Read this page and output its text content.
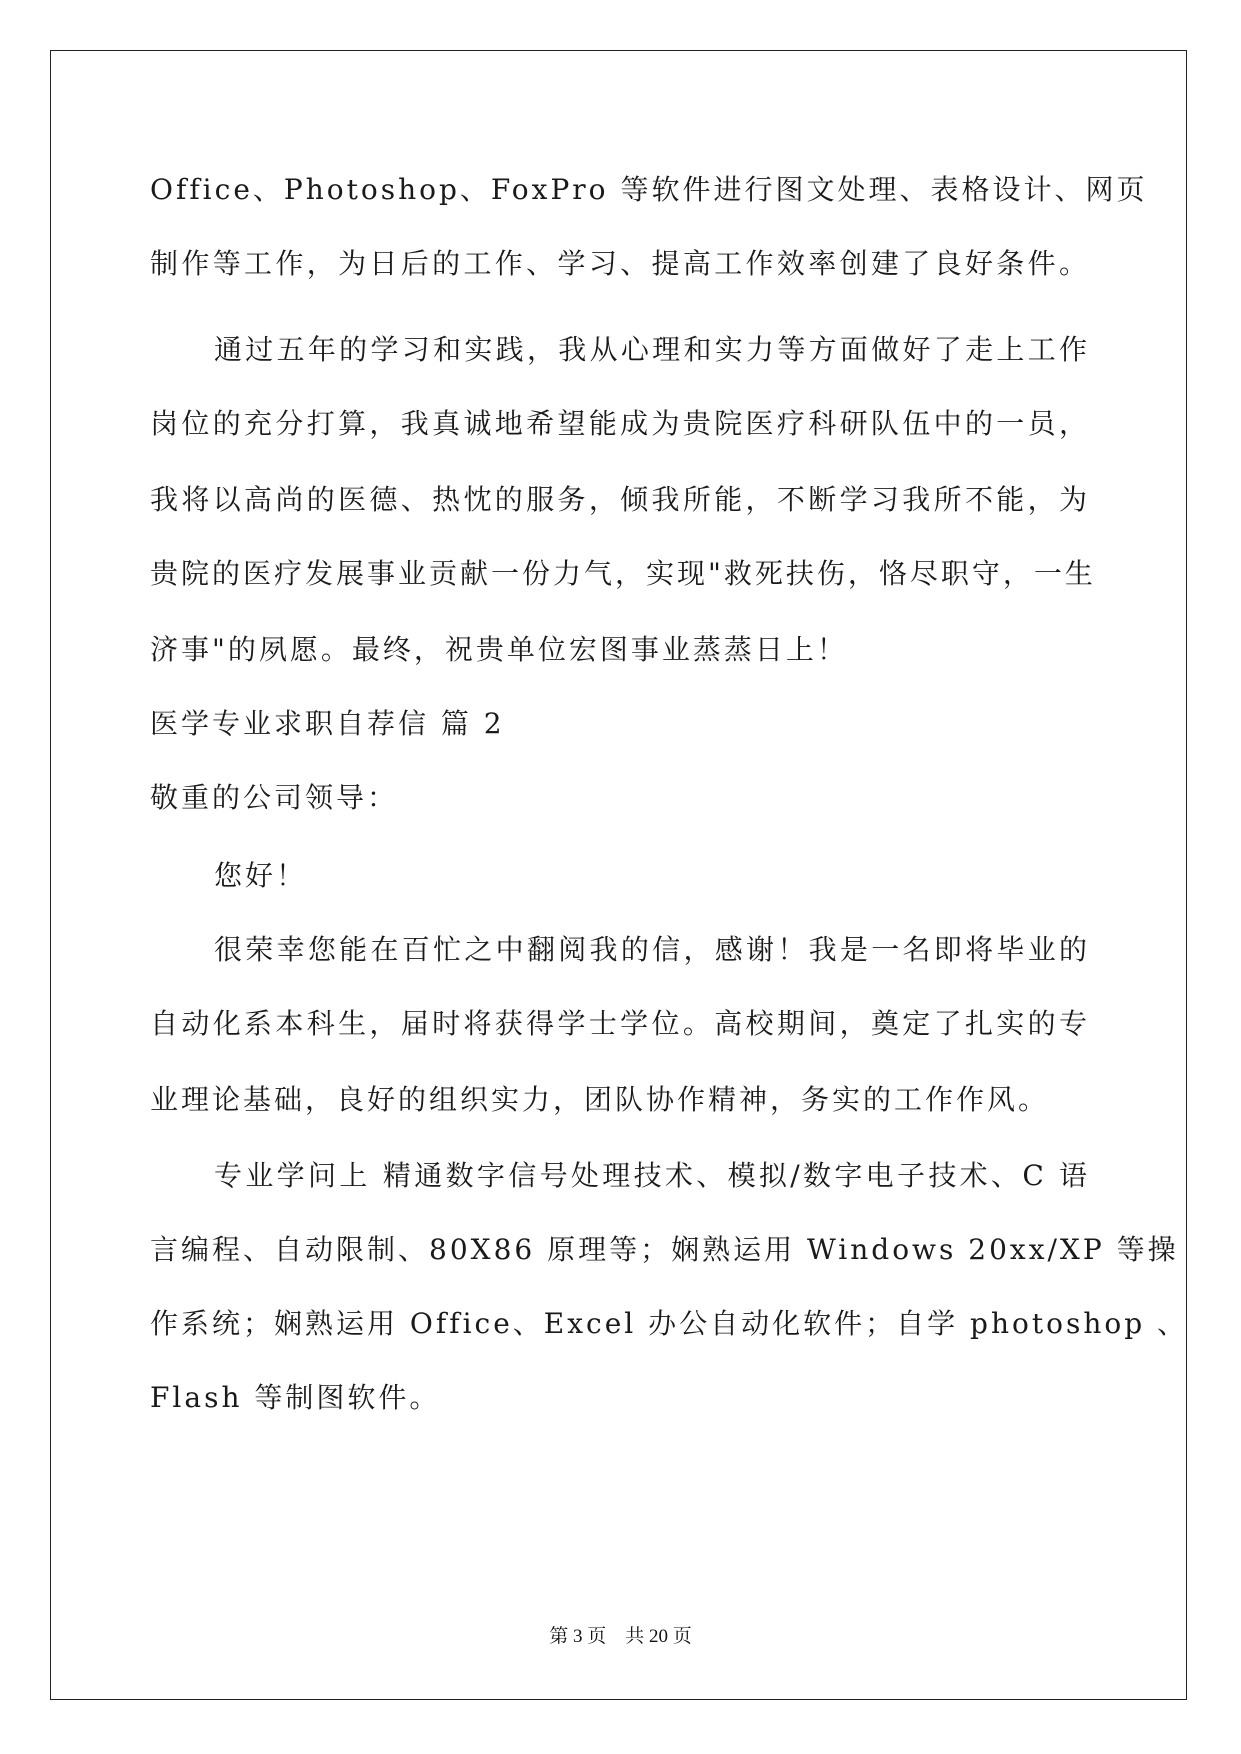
Office、Photoshop、FoxPro 等软件进行图文处理、表格设计、网页
制作等工作，为日后的工作、学习、提高工作效率创建了良好条件。
通过五年的学习和实践，我从心理和实力等方面做好了走上工作
岗位的充分打算，我真诚地希望能成为贵院医疗科研队伍中的一员，
我将以高尚的医德、热忱的服务，倾我所能，不断学习我所不能，为
贵院的医疗发展事业贡献一份力气，实现"救死扶伤，恪尽职守，一生
济事"的夙愿。最终，祝贵单位宏图事业蒸蒸日上！
医学专业求职自荐信 篇 2
敬重的公司领导：
您好！
很荣幸您能在百忙之中翻阅我的信，感谢！我是一名即将毕业的
自动化系本科生，届时将获得学士学位。高校期间，奠定了扎实的专
业理论基础，良好的组织实力，团队协作精神，务实的工作作风。
专业学问上 精通数字信号处理技术、模拟/数字电子技术、C 语
言编程、自动限制、80X86 原理等；娴熟运用 Windows 20xx/XP 等操
作系统；娴熟运用 Office、Excel 办公自动化软件；自学 photoshop 、
Flash 等制图软件。
第 3 页　共 20 页
